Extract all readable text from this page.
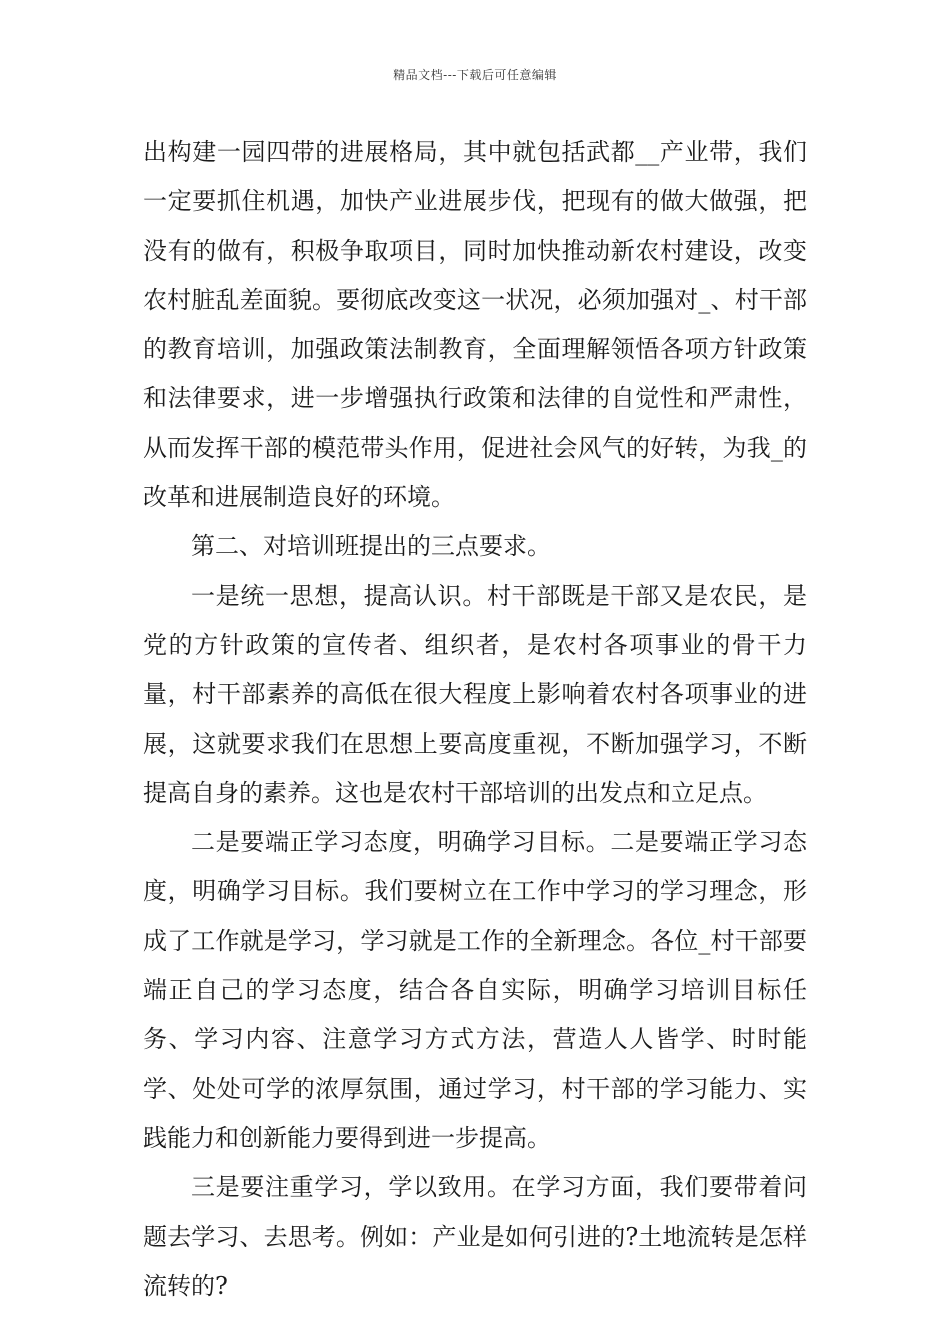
精品文档---下载后可任意编辑

出构建一园四带的进展格局，其中就包括武都__产业带，我们一定要抓住机遇，加快产业进展步伐，把现有的做大做强，把没有的做有，积极争取项目，同时加快推动新农村建设，改变农村脏乱差面貌。要彻底改变这一状况，必须加强对_、村干部的教育培训，加强政策法制教育，全面理解领悟各项方针政策和法律要求，进一步增强执行政策和法律的自觉性和严肃性，从而发挥干部的模范带头作用，促进社会风气的好转，为我_的改革和进展制造良好的环境。

第二、对培训班提出的三点要求。

一是统一思想，提高认识。村干部既是干部又是农民，是党的方针政策的宣传者、组织者，是农村各项事业的骨干力量，村干部素养的高低在很大程度上影响着农村各项事业的进展，这就要求我们在思想上要高度重视，不断加强学习，不断提高自身的素养。这也是农村干部培训的出发点和立足点。

二是要端正学习态度，明确学习目标。二是要端正学习态度，明确学习目标。我们要树立在工作中学习的学习理念，形成了工作就是学习，学习就是工作的全新理念。各位_村干部要端正自己的学习态度，结合各自实际，明确学习培训目标任务、学习内容、注意学习方式方法，营造人人皆学、时时能学、处处可学的浓厚氛围，通过学习，村干部的学习能力、实践能力和创新能力要得到进一步提高。

三是要注重学习，学以致用。在学习方面，我们要带着问题去学习、去思考。例如：产业是如何引进的?土地流转是怎样流转的?
